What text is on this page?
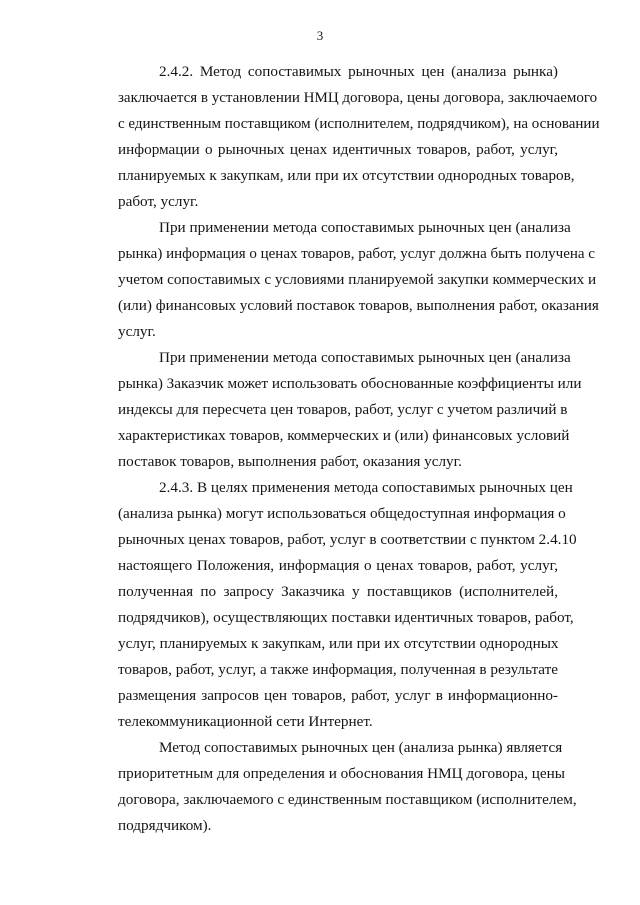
3
2.4.2. Метод сопоставимых рыночных цен (анализа рынка)
заключается в установлении НМЦ договора, цены договора, заключаемого
с единственным поставщиком (исполнителем, подрядчиком), на основании
информации о рыночных ценах идентичных товаров, работ, услуг,
планируемых к закупкам, или при их отсутствии однородных товаров,
работ, услуг.
При применении метода сопоставимых рыночных цен (анализа
рынка) информация о ценах товаров, работ, услуг должна быть получена с
учетом сопоставимых с условиями планируемой закупки коммерческих и
(или) финансовых условий поставок товаров, выполнения работ, оказания
услуг.
При применении метода сопоставимых рыночных цен (анализа
рынка) Заказчик может использовать обоснованные коэффициенты или
индексы для пересчета цен товаров, работ, услуг с учетом различий в
характеристиках товаров, коммерческих и (или) финансовых условий
поставок товаров, выполнения работ, оказания услуг.
2.4.3. В целях применения метода сопоставимых рыночных цен
(анализа рынка) могут использоваться общедоступная информация о
рыночных ценах товаров, работ, услуг в соответствии с пунктом 2.4.10
настоящего Положения, информация о ценах товаров, работ, услуг,
полученная по запросу Заказчика у поставщиков (исполнителей,
подрядчиков), осуществляющих поставки идентичных товаров, работ,
услуг, планируемых к закупкам, или при их отсутствии однородных
товаров, работ, услуг, а также информация, полученная в результате
размещения запросов цен товаров, работ, услуг в информационно-
телекоммуникационной сети Интернет.
Метод сопоставимых рыночных цен (анализа рынка) является
приоритетным для определения и обоснования НМЦ договора, цены
договора, заключаемого с единственным поставщиком (исполнителем,
подрядчиком).
